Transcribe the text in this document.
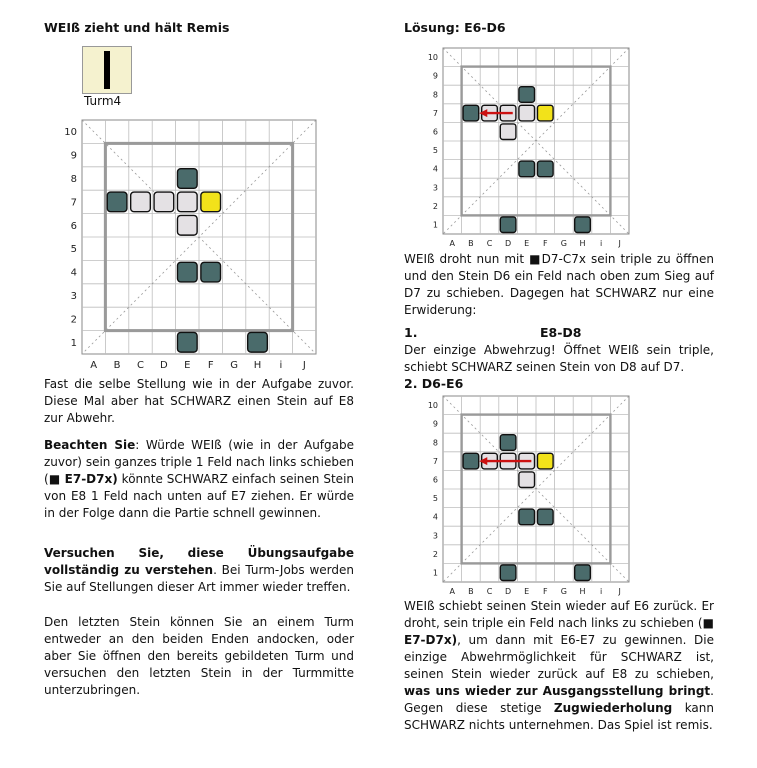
WEIß zieht und hält Remis
Turm4
1
2
3
4
5
6
7
8
9
10
A B C D E F G H i J

Fast die selbe Stellung wie in der Aufgabe zuvor. Diese Mal aber hat SCHWARZ einen Stein auf E8 zur Abwehr.

Beachten Sie: Würde WEIß (wie in der Aufgabe zuvor) sein ganzes triple 1 Feld nach links schieben (■ E7-D7x) könnte SCHWARZ einfach seinen Stein von E8 1 Feld nach unten auf E7 ziehen. Er würde in der Folge dann die Partie schnell gewinnen.

Versuchen Sie, diese Übungsaufgabe vollständig zu verstehen. Bei Turm-Jobs werden Sie auf Stellungen dieser Art immer wieder treffen.

Den letzten Stein können Sie an einem Turm entweder an den beiden Enden andocken, oder aber Sie öffnen den bereits gebildeten Turm und versuchen den letzten Stein in der Turmmitte unterzubringen.

Lösung: E6-D6
1
2
3
4
5
6
7
8
9
10
A B C D E F G H i J

WEIß droht nun mit ■D7-C7x sein triple zu öffnen und den Stein D6 ein Feld nach oben zum Sieg auf D7 zu schieben. Dagegen hat SCHWARZ nur eine Erwiderung:

1.	E8-D8

Der einzige Abwehrzug! Öffnet WEIß sein triple, schiebt SCHWARZ seinen Stein von D8 auf D7.

2. D6-E6
1
2
3
4
5
6
7
8
9
10
A B C D E F G H i J

WEIß schiebt seinen Stein wieder auf E6 zurück. Er droht, sein triple ein Feld nach links zu schieben (■ E7-D7x), um dann mit E6-E7 zu gewinnen. Die einzige Abwehrmöglichkeit für SCHWARZ ist, seinen Stein wieder zurück auf E8 zu schieben, was uns wieder zur Ausgangsstellung bringt. Gegen diese stetige Zugwiederholung kann SCHWARZ nichts unternehmen. Das Spiel ist remis.
